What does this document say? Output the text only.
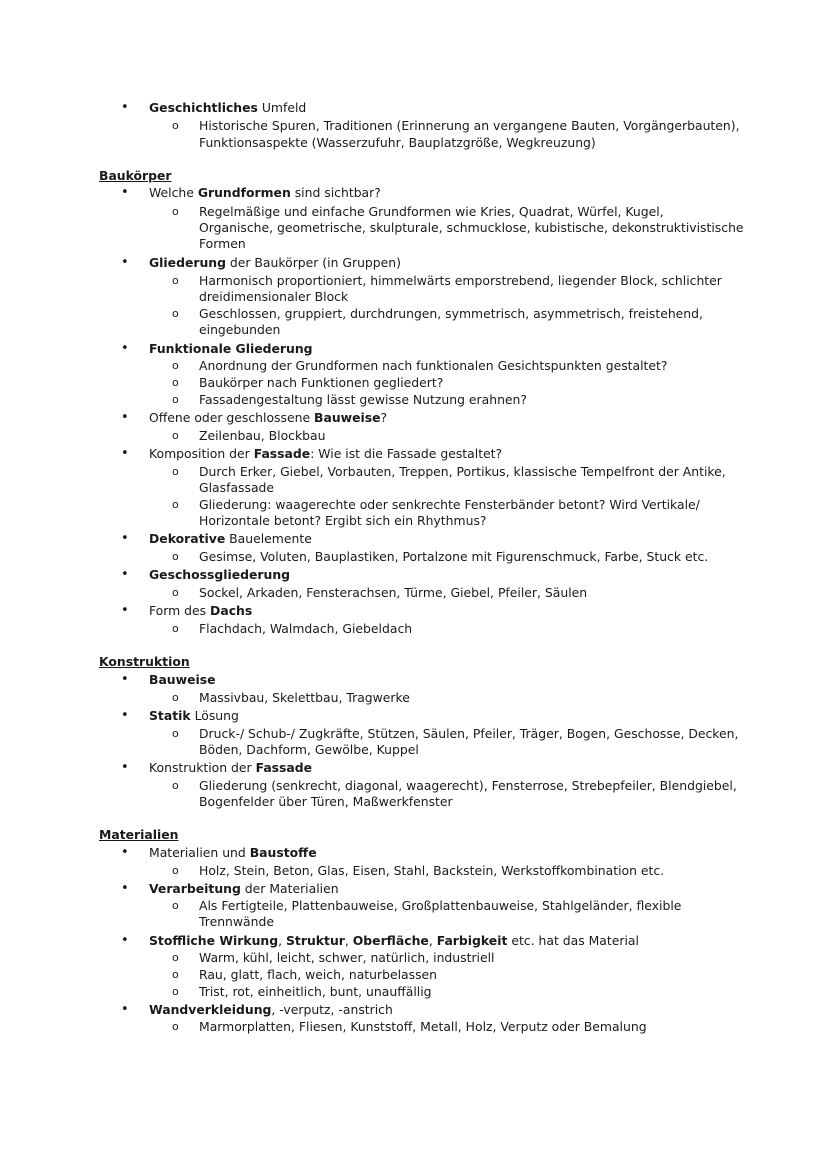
• Geschichtliches Umfeld
o Historische Spuren, Traditionen (Erinnerung an vergangene Bauten, Vorgängerbauten),
Funktionsaspekte (Wasserzufuhr, Bauplatzgröße, Wegkreuzung)
Baukörper
• Welche Grundformen sind sichtbar?
o Regelmäßige und einfache Grundformen wie Kries, Quadrat, Würfel, Kugel,
Organische, geometrische, skulpturale, schmucklose, kubistische, dekonstruktivistische
Formen
• Gliederung der Baukörper (in Gruppen)
o Harmonisch proportioniert, himmelwärts emporstrebend, liegender Block, schlichter
dreidimensionaler Block
o Geschlossen, gruppiert, durchdrungen, symmetrisch, asymmetrisch, freistehend,
eingebunden
• Funktionale Gliederung
o Anordnung der Grundformen nach funktionalen Gesichtspunkten gestaltet?
o Baukörper nach Funktionen gegliedert?
o Fassadengestaltung lässt gewisse Nutzung erahnen?
• Offene oder geschlossene Bauweise?
o Zeilenbau, Blockbau
• Komposition der Fassade: Wie ist die Fassade gestaltet?
o Durch Erker, Giebel, Vorbauten, Treppen, Portikus, klassische Tempelfront der Antike,
Glasfassade
o Gliederung: waagerechte oder senkrechte Fensterbänder betont? Wird Vertikale/
Horizontale betont? Ergibt sich ein Rhythmus?
• Dekorative Bauelemente
o Gesimse, Voluten, Bauplastiken, Portalzone mit Figurenschmuck, Farbe, Stuck etc.
• Geschossgliederung
o Sockel, Arkaden, Fensterachsen, Türme, Giebel, Pfeiler, Säulen
• Form des Dachs
o Flachdach, Walmdach, Giebeldach
Konstruktion
• Bauweise
o Massivbau, Skelettbau, Tragwerke
• Statik Lösung
o Druck-/ Schub-/ Zugkräfte, Stützen, Säulen, Pfeiler, Träger, Bogen, Geschosse, Decken,
Böden, Dachform, Gewölbe, Kuppel
• Konstruktion der Fassade
o Gliederung (senkrecht, diagonal, waagerecht), Fensterrose, Strebepfeiler, Blendgiebel,
Bogenfelder über Türen, Maßwerkfenster
Materialien
• Materialien und Baustoffe
o Holz, Stein, Beton, Glas, Eisen, Stahl, Backstein, Werkstoffkombination etc.
• Verarbeitung der Materialien
o Als Fertigteile, Plattenbauweise, Großplattenbauweise, Stahlgeländer, flexible
Trennwände
• Stoffliche Wirkung, Struktur, Oberfläche, Farbigkeit etc. hat das Material
o Warm, kühl, leicht, schwer, natürlich, industriell
o Rau, glatt, flach, weich, naturbelassen
o Trist, rot, einheitlich, bunt, unauffällig
• Wandverkleidung, -verputz, -anstrich
o Marmorplatten, Fliesen, Kunststoff, Metall, Holz, Verputz oder Bemalung
